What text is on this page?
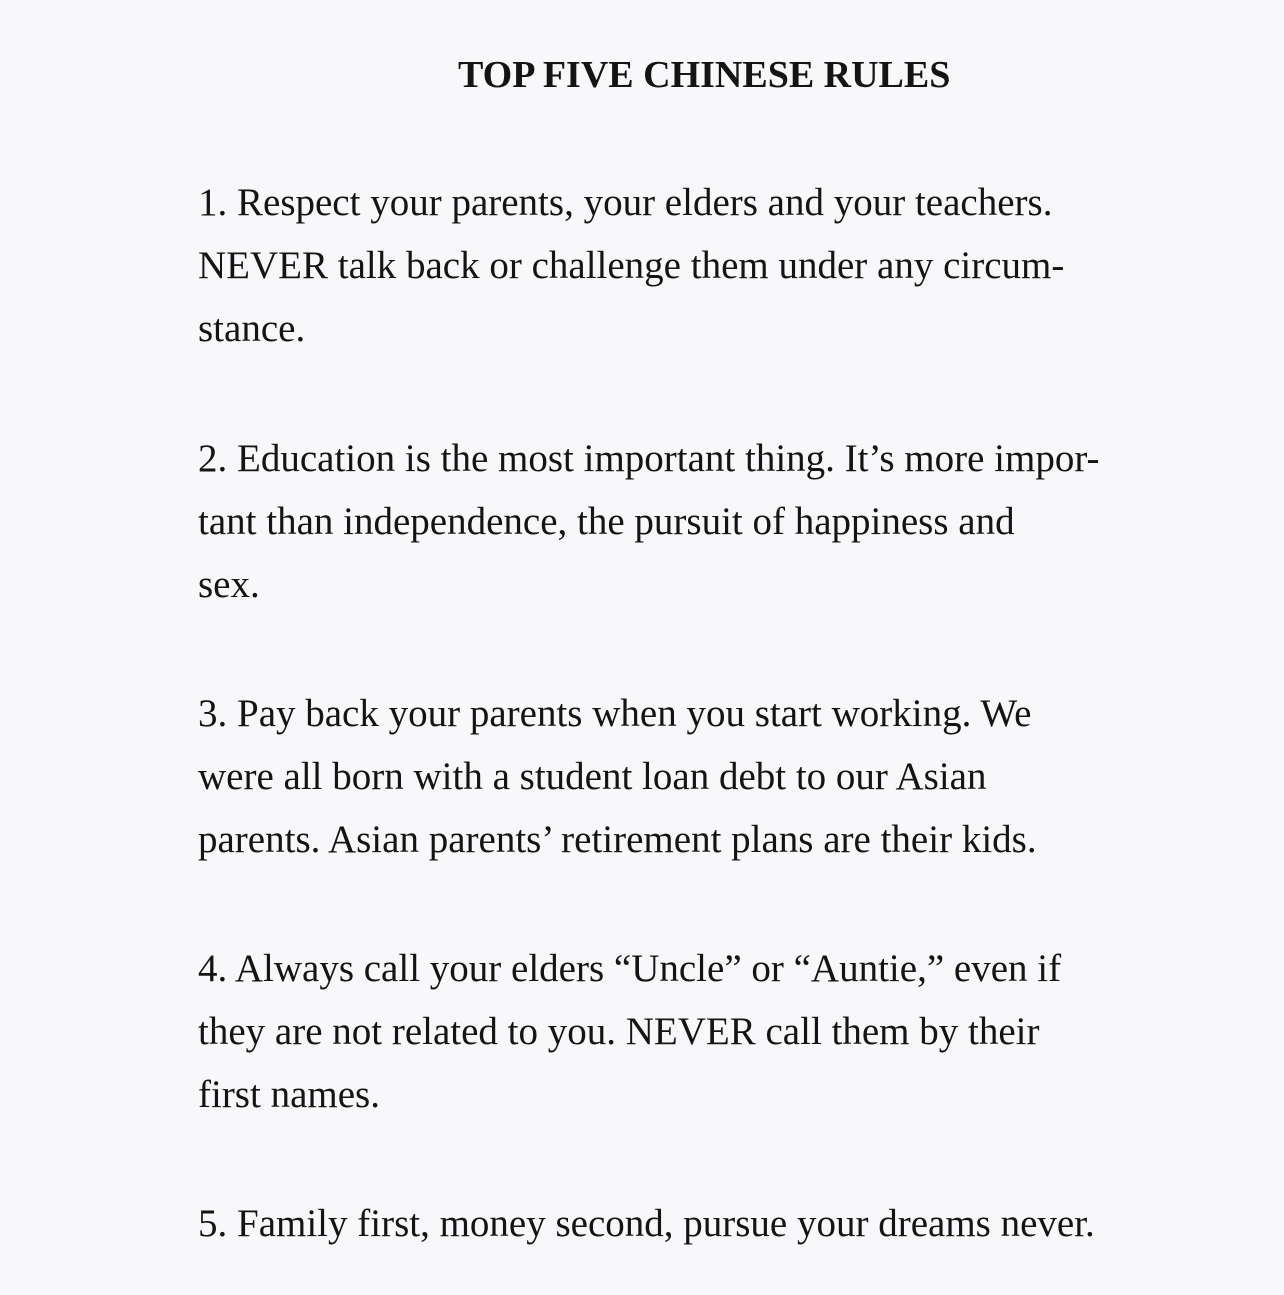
TOP FIVE CHINESE RULES
1. Respect your parents, your elders and your teachers.
NEVER talk back or challenge them under any circum-
stance.
2. Education is the most important thing. It’s more impor-
tant than independence, the pursuit of happiness and
sex.
3. Pay back your parents when you start working. We
were all born with a student loan debt to our Asian
parents. Asian parents’ retirement plans are their kids.
4. Always call your elders “Uncle” or “Auntie,” even if
they are not related to you. NEVER call them by their
first names.
5. Family first, money second, pursue your dreams never.
